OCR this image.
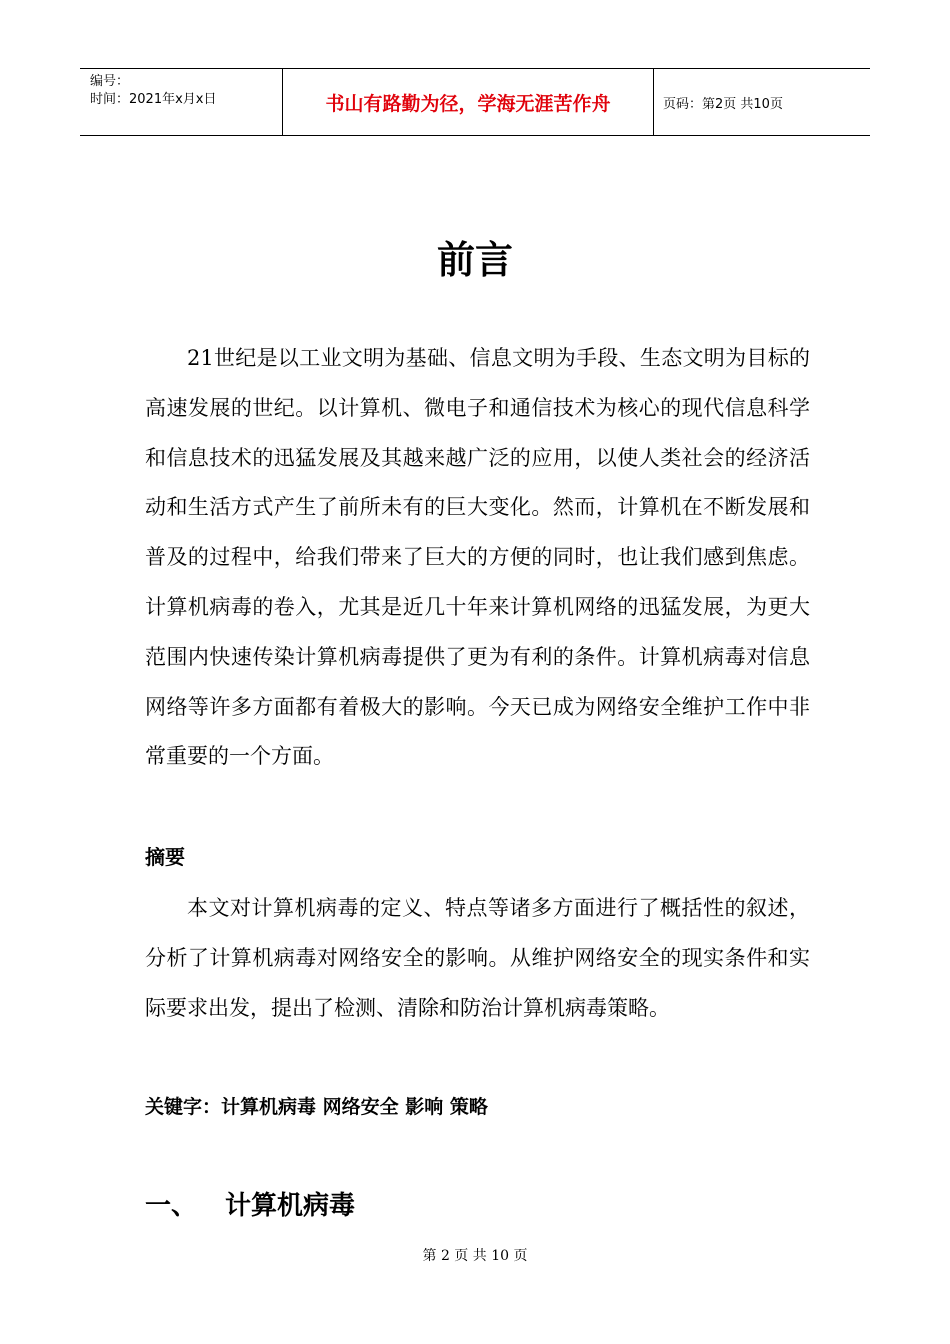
编号：
时间：2021年x月x日	书山有路勤为径，学海无涯苦作舟	页码：第2页 共10页
前言

21世纪是以工业文明为基础、信息文明为手段、生态文明为目标的高速发展的世纪。以计算机、微电子和通信技术为核心的现代信息科学和信息技术的迅猛发展及其越来越广泛的应用，以使人类社会的经济活动和生活方式产生了前所未有的巨大变化。然而，计算机在不断发展和普及的过程中，给我们带来了巨大的方便的同时，也让我们感到焦虑。计算机病毒的卷入，尤其是近几十年来计算机网络的迅猛发展，为更大范围内快速传染计算机病毒提供了更为有利的条件。计算机病毒对信息网络等许多方面都有着极大的影响。今天已成为网络安全维护工作中非常重要的一个方面。

摘要

本文对计算机病毒的定义、特点等诸多方面进行了概括性的叙述，分析了计算机病毒对网络安全的影响。从维护网络安全的现实条件和实际要求出发，提出了检测、清除和防治计算机病毒策略。

关键字：计算机病毒 网络安全 影响 策略
一、 计算机病毒
第 2 页 共 10 页
